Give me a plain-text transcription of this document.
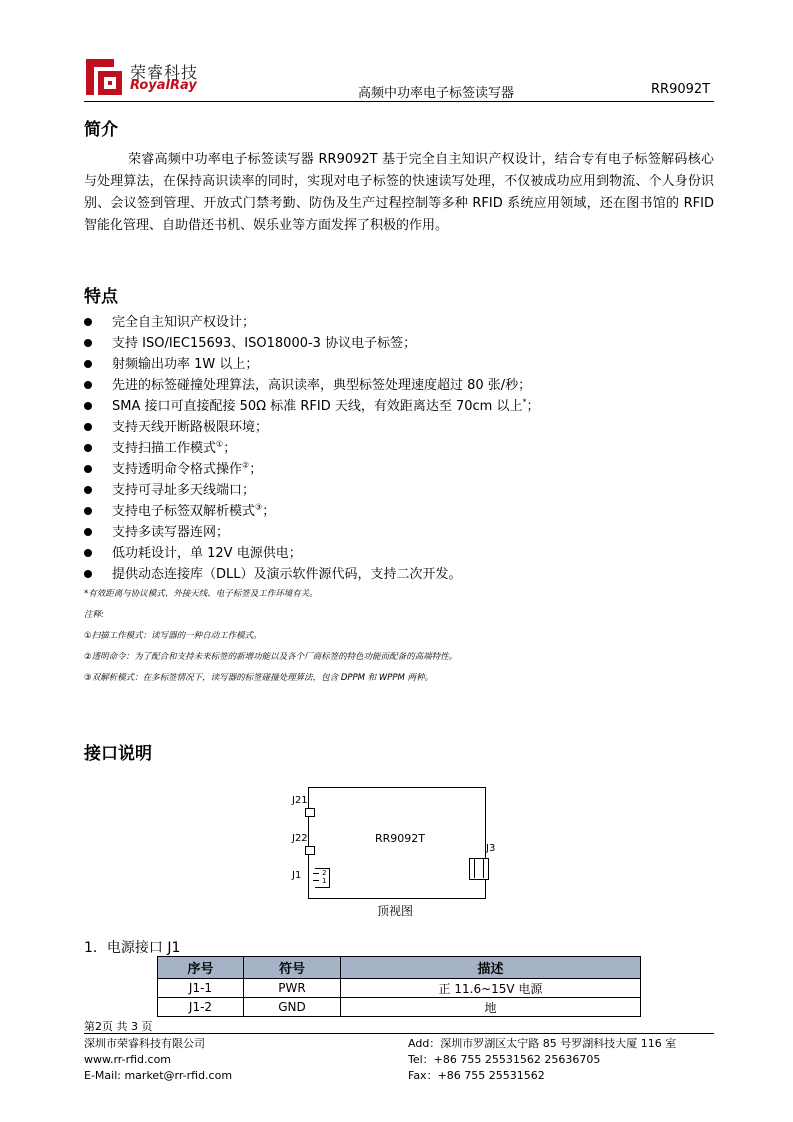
荣睿科技
RoyalRay
高频中功率电子标签读写器	RR9092T
简介
荣睿高频中功率电子标签读写器 RR9092T 基于完全自主知识产权设计，结合专有电子标签解码核心与处理算法，在保持高识读率的同时，实现对电子标签的快速读写处理，不仅被成功应用到物流、个人身份识别、会议签到管理、开放式门禁考勤、防伪及生产过程控制等多种 RFID 系统应用领域，还在图书馆的 RFID 智能化管理、自助借还书机、娱乐业等方面发挥了积极的作用。
特点
完全自主知识产权设计；
支持 ISO/IEC15693、ISO18000-3 协议电子标签；
射频输出功率 1W 以上；
先进的标签碰撞处理算法，高识读率，典型标签处理速度超过 80 张/秒；
SMA 接口可直接配接 50Ω 标准 RFID 天线，有效距离达至 70cm 以上*；
支持天线开断路极限环境；
支持扫描工作模式①；
支持透明命令格式操作②；
支持可寻址多天线端口；
支持电子标签双解析模式③；
支持多读写器连网；
低功耗设计，单 12V 电源供电；
提供动态连接库（DLL）及演示软件源代码，支持二次开发。
*有效距离与协议模式、外接天线、电子标签及工作环境有关。
注释:
①扫描工作模式：读写器的一种自动工作模式。
②透明命令：为了配合和支持未来标签的新增功能以及各个厂商标签的特色功能而配备的高端特性。
③双解析模式：在多标签情况下，读写器的标签碰撞处理算法，包含 DPPM 和 WPPM 两种。
接口说明
RR9092T
2
1
J21
J22
J1
J3
顶视图
1．电源接口 J1
序号	符号	描述
J1-1	PWR	正 11.6~15V 电源
J1-2	GND	地
第2页 共 3 页
深圳市荣睿科技有限公司
www.rr-rfid.com
E-Mail: market@rr-rfid.com
Add：深圳市罗湖区太宁路 85 号罗湖科技大厦 116 室
Tel：+86 755 25531562 25636705
Fax：+86 755 25531562
